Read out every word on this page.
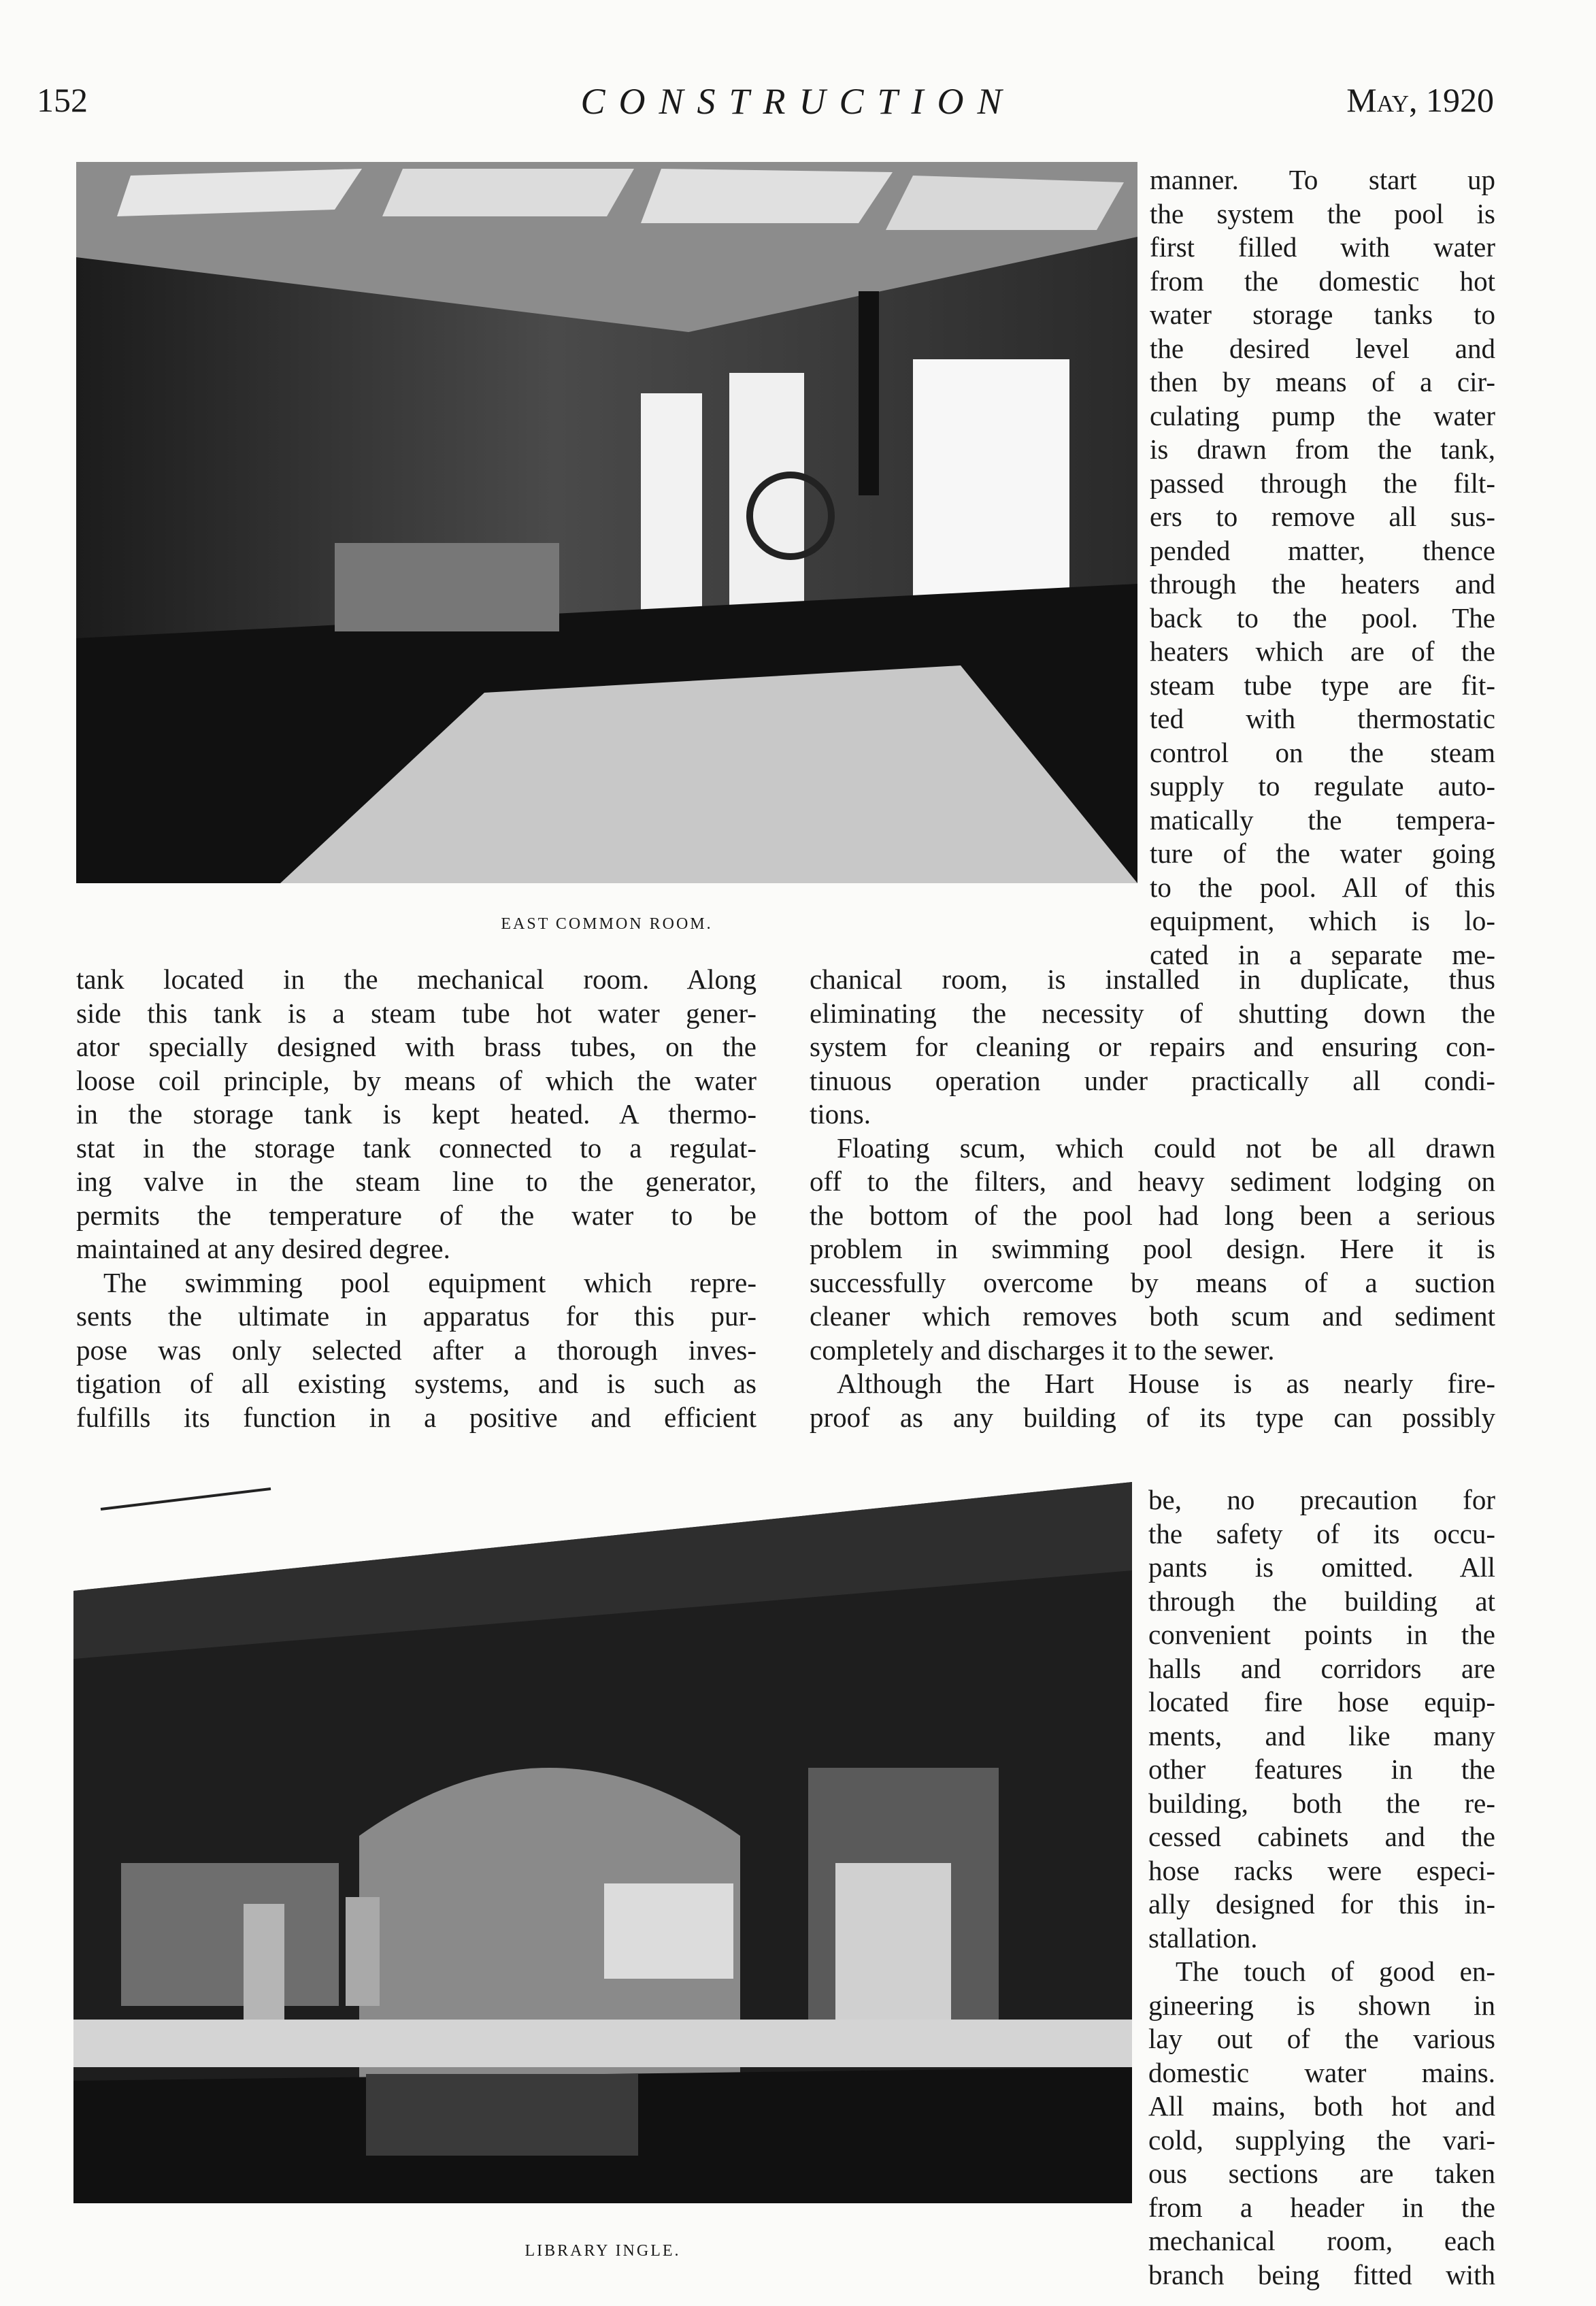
152	CONSTRUCTION	May, 1920
EAST COMMON ROOM.
manner. To start up
the system the pool is
first filled with water
from the domestic hot
water storage tanks to
the desired level and
then by means of a cir-
culating pump the water
is drawn from the tank,
passed through the filt-
ers to remove all sus-
pended matter, thence
through the heaters and
back to the pool. The
heaters which are of the
steam tube type are fit-
ted with thermostatic
control on the steam
supply to regulate auto-
matically the tempera-
ture of the water going
to the pool. All of this
equipment, which is lo-
cated in a separate me-
tank located in the mechanical room. Along
side this tank is a steam tube hot water gener-
ator specially designed with brass tubes, on the
loose coil principle, by means of which the water
in the storage tank is kept heated. A thermo-
stat in the storage tank connected to a regulat-
ing valve in the steam line to the generator,
permits the temperature of the water to be
maintained at any desired degree.
The swimming pool equipment which repre-
sents the ultimate in apparatus for this pur-
pose was only selected after a thorough inves-
tigation of all existing systems, and is such as
fulfills its function in a positive and efficient
chanical room, is installed in duplicate, thus
eliminating the necessity of shutting down the
system for cleaning or repairs and ensuring con-
tinuous operation under practically all condi-
tions.
Floating scum, which could not be all drawn
off to the filters, and heavy sediment lodging on
the bottom of the pool had long been a serious
problem in swimming pool design. Here it is
successfully overcome by means of a suction
cleaner which removes both scum and sediment
completely and discharges it to the sewer.
Although the Hart House is as nearly fire-
proof as any building of its type can possibly
LIBRARY INGLE.
be, no precaution for
the safety of its occu-
pants is omitted. All
through the building at
convenient points in the
halls and corridors are
located fire hose equip-
ments, and like many
other features in the
building, both the re-
cessed cabinets and the
hose racks were especi-
ally designed for this in-
stallation.
The touch of good en-
gineering is shown in
lay out of the various
domestic water mains.
All mains, both hot and
cold, supplying the vari-
ous sections are taken
from a header in the
mechanical room, each
branch being fitted with
